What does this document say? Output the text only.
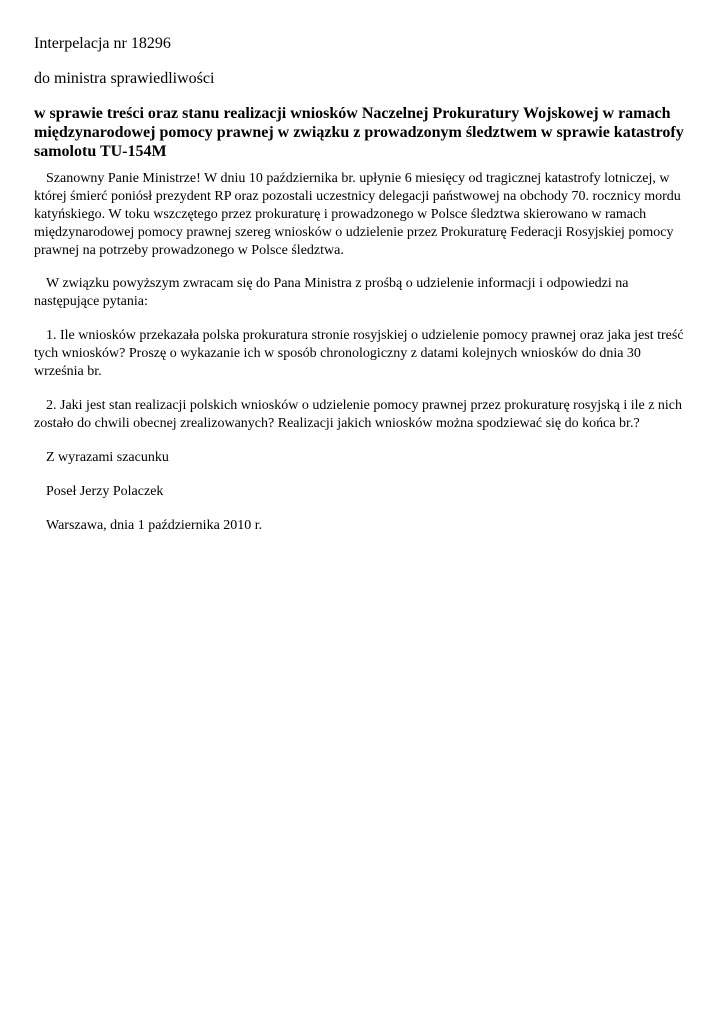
Interpelacja nr 18296
do ministra sprawiedliwości
w sprawie treści oraz stanu realizacji wniosków Naczelnej Prokuratury Wojskowej w ramach międzynarodowej pomocy prawnej w związku z prowadzonym śledztwem w sprawie katastrofy samolotu TU-154M

Szanowny Panie Ministrze! W dniu 10 października br. upłynie 6 miesięcy od tragicznej katastrofy lotniczej, w której śmierć poniósł prezydent RP oraz pozostali uczestnicy delegacji państwowej na obchody 70. rocznicy mordu katyńskiego. W toku wszczętego przez prokuraturę i prowadzonego w Polsce śledztwa skierowano w ramach międzynarodowej pomocy prawnej szereg wniosków o udzielenie przez Prokuraturę Federacji Rosyjskiej pomocy prawnej na potrzeby prowadzonego w Polsce śledztwa.

W związku powyższym zwracam się do Pana Ministra z prośbą o udzielenie informacji i odpowiedzi na następujące pytania:

1. Ile wniosków przekazała polska prokuratura stronie rosyjskiej o udzielenie pomocy prawnej oraz jaka jest treść tych wniosków? Proszę o wykazanie ich w sposób chronologiczny z datami kolejnych wniosków do dnia 30 września br.

2. Jaki jest stan realizacji polskich wniosków o udzielenie pomocy prawnej przez prokuraturę rosyjską i ile z nich zostało do chwili obecnej zrealizowanych? Realizacji jakich wniosków można spodziewać się do końca br.?

Z wyrazami szacunku

Poseł Jerzy Polaczek

Warszawa, dnia 1 października 2010 r.
